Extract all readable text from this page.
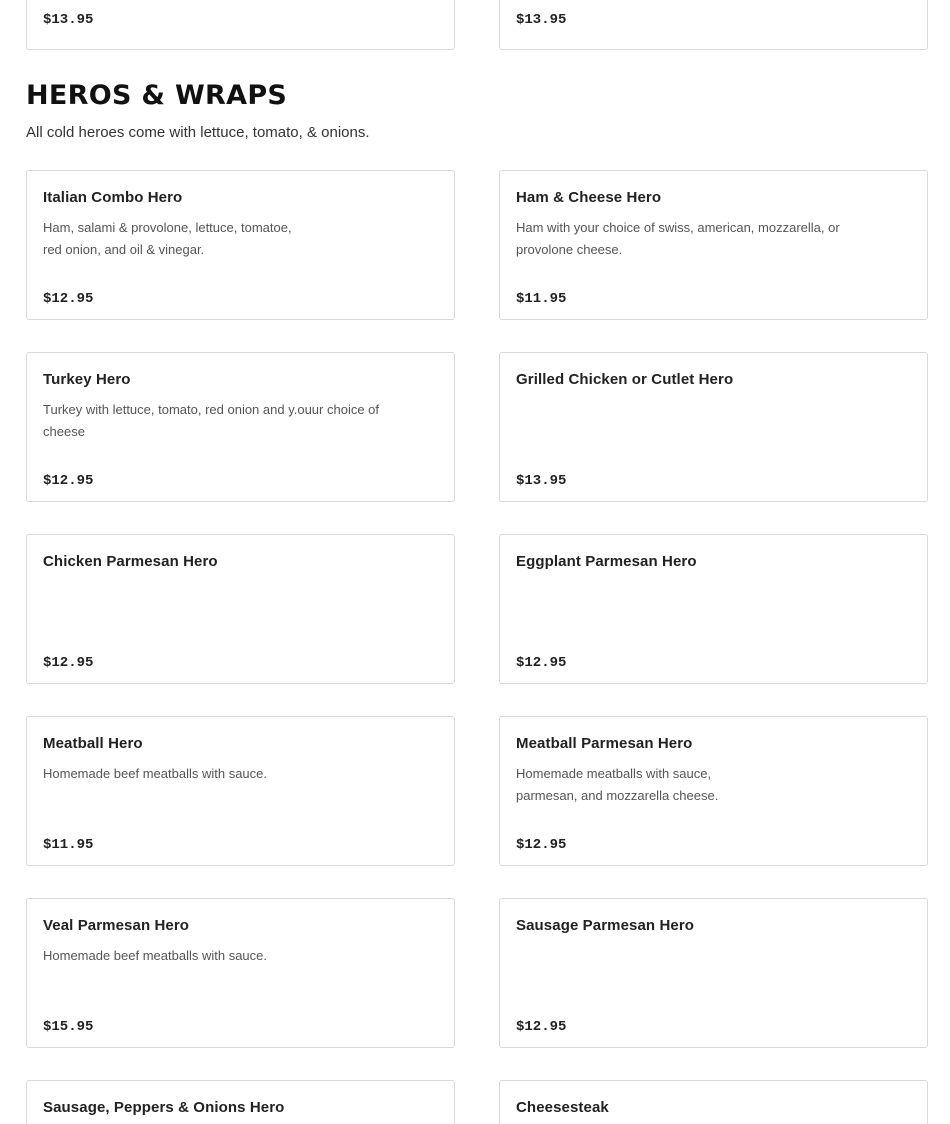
$13.95	$13.95
HEROS & WRAPS
All cold heroes come with lettuce, tomato, & onions.
Italian Combo Hero
Ham, salami & provolone, lettuce, tomatoe, red onion, and oil & vinegar.
$12.95
Ham & Cheese Hero
Ham with your choice of swiss, american, mozzarella, or provolone cheese.
$11.95
Turkey Hero
Turkey with lettuce, tomato, red onion and y.ouur choice of cheese
$12.95
Grilled Chicken or Cutlet Hero
$13.95
Chicken Parmesan Hero
$12.95
Eggplant Parmesan Hero
$12.95
Meatball Hero
Homemade beef meatballs with sauce.
$11.95
Meatball Parmesan Hero
Homemade meatballs with sauce, parmesan, and mozzarella cheese.
$12.95
Veal Parmesan Hero
Homemade beef meatballs with sauce.
$15.95
Sausage Parmesan Hero
$12.95
Sausage, Peppers & Onions Hero	Cheesesteak
